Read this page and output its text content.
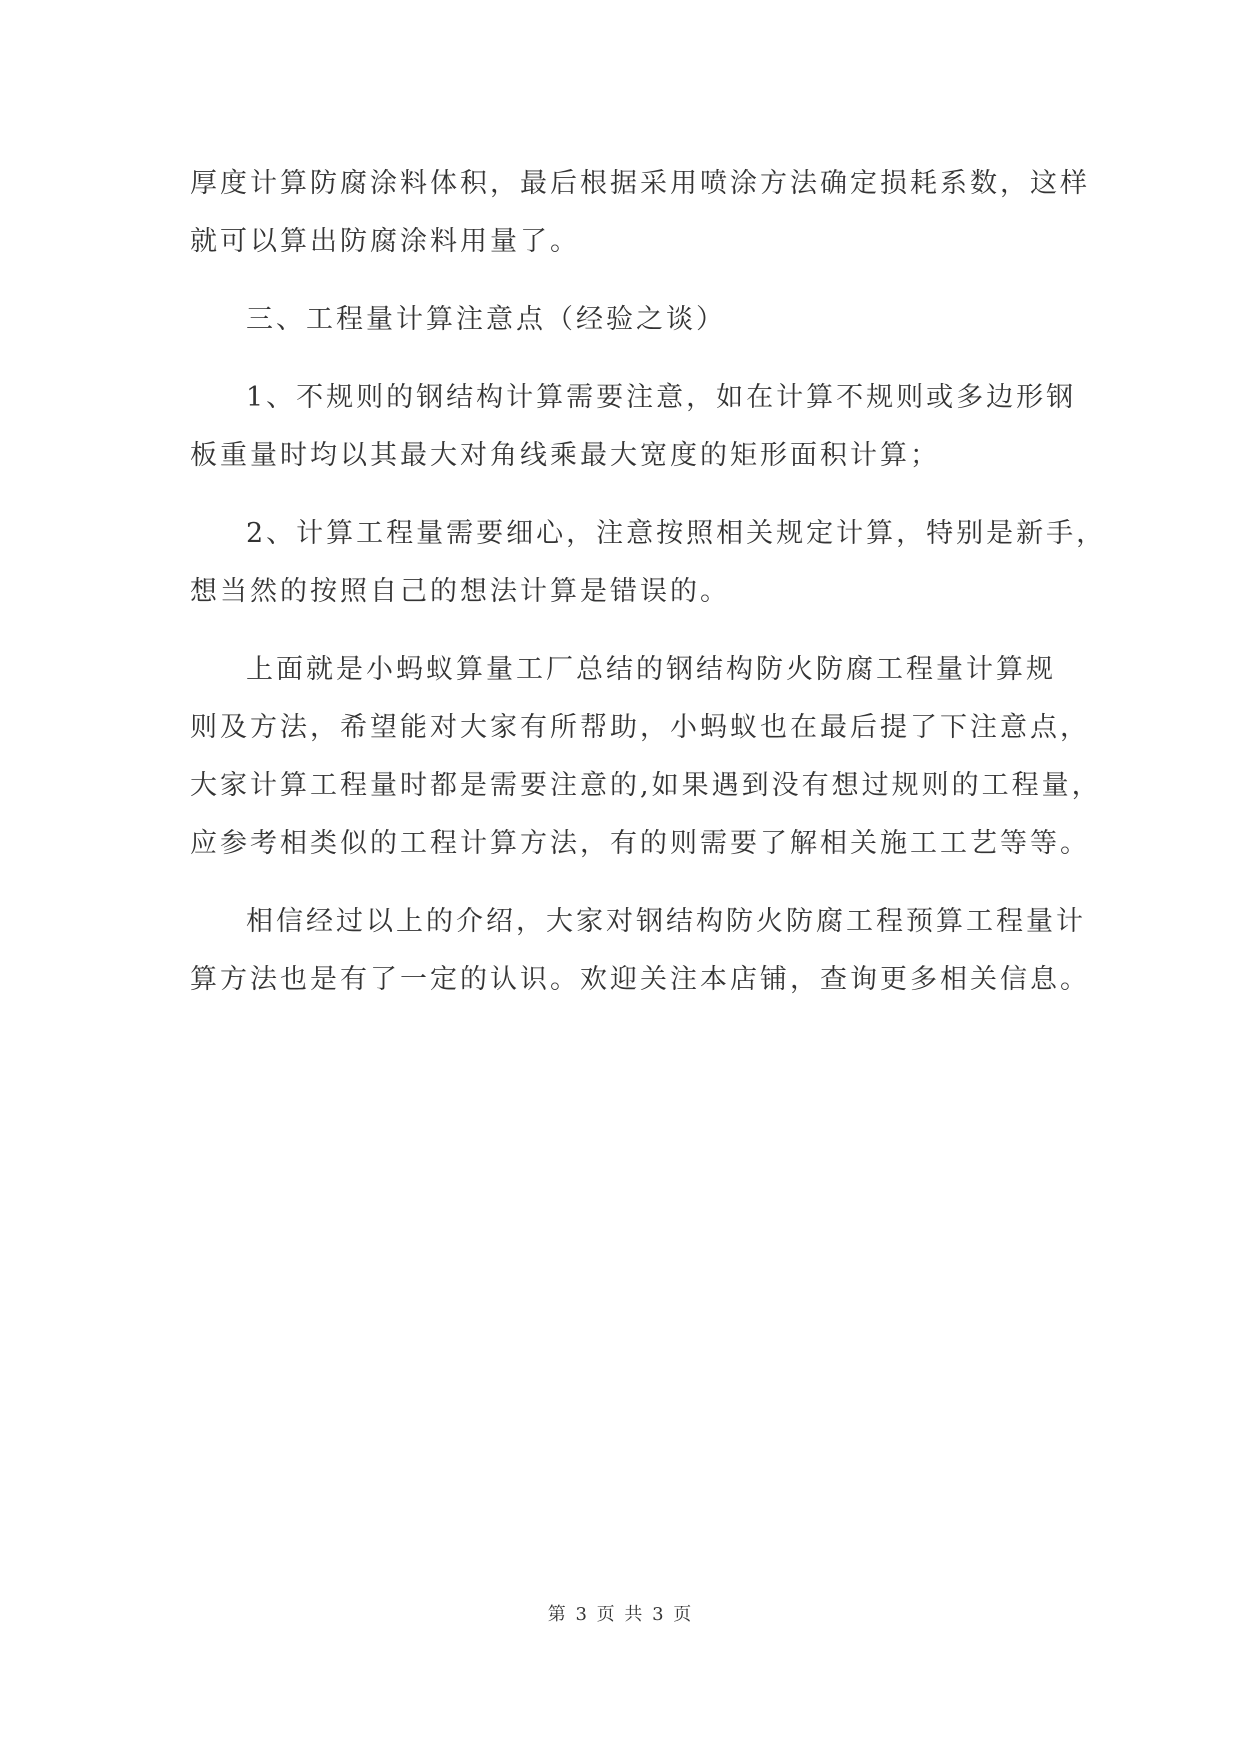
厚度计算防腐涂料体积，最后根据采用喷涂方法确定损耗系数，这样
就可以算出防腐涂料用量了。
三、工程量计算注意点（经验之谈）
1、不规则的钢结构计算需要注意，如在计算不规则或多边形钢
板重量时均以其最大对角线乘最大宽度的矩形面积计算；
2、计算工程量需要细心，注意按照相关规定计算，特别是新手，
想当然的按照自己的想法计算是错误的。
上面就是小蚂蚁算量工厂总结的钢结构防火防腐工程量计算规
则及方法，希望能对大家有所帮助，小蚂蚁也在最后提了下注意点，
大家计算工程量时都是需要注意的,如果遇到没有想过规则的工程量，
应参考相类似的工程计算方法，有的则需要了解相关施工工艺等等。
相信经过以上的介绍，大家对钢结构防火防腐工程预算工程量计
算方法也是有了一定的认识。欢迎关注本店铺，查询更多相关信息。
第 3 页 共 3 页
